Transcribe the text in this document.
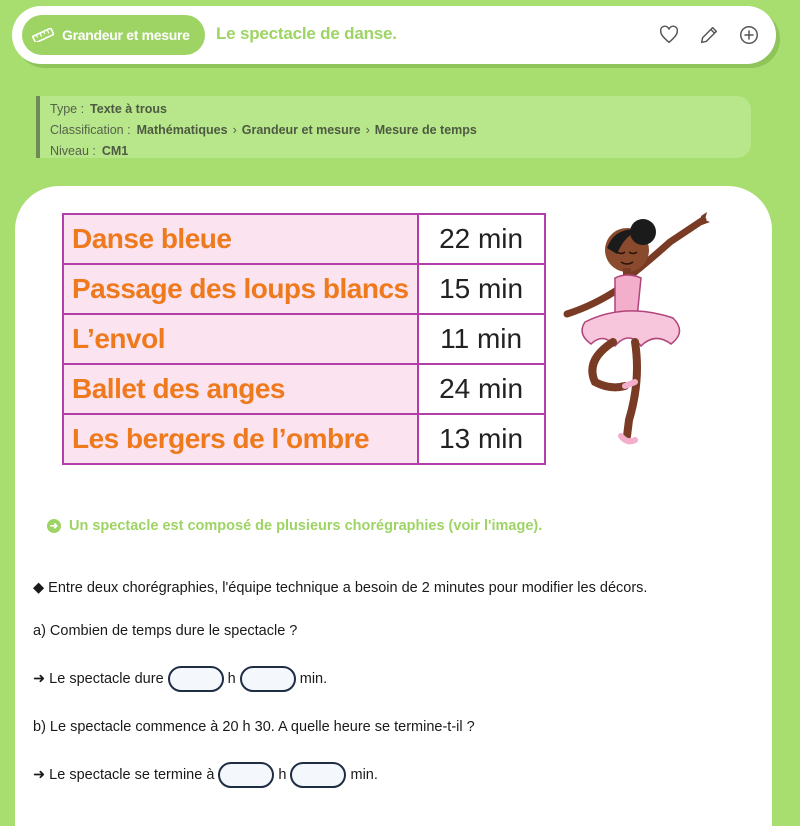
Grandeur et mesure Le spectacle de danse.
Type : Texte à trous
Classification : Mathématiques › Grandeur et mesure › Mesure de temps
Niveau : CM1
Danse bleue	22 min
Passage des loups blancs	15 min
L’envol	11 min
Ballet des anges	24 min
Les bergers de l’ombre	13 min
➜ Un spectacle est composé de plusieurs chorégraphies (voir l'image).
◆ Entre deux chorégraphies, l'équipe technique a besoin de 2 minutes pour modifier les décors.
a) Combien de temps dure le spectacle ?
➜ Le spectacle dure	h	min.
b) Le spectacle commence à 20 h 30. A quelle heure se termine-t-il ?
➜ Le spectacle se termine à	h	min.
